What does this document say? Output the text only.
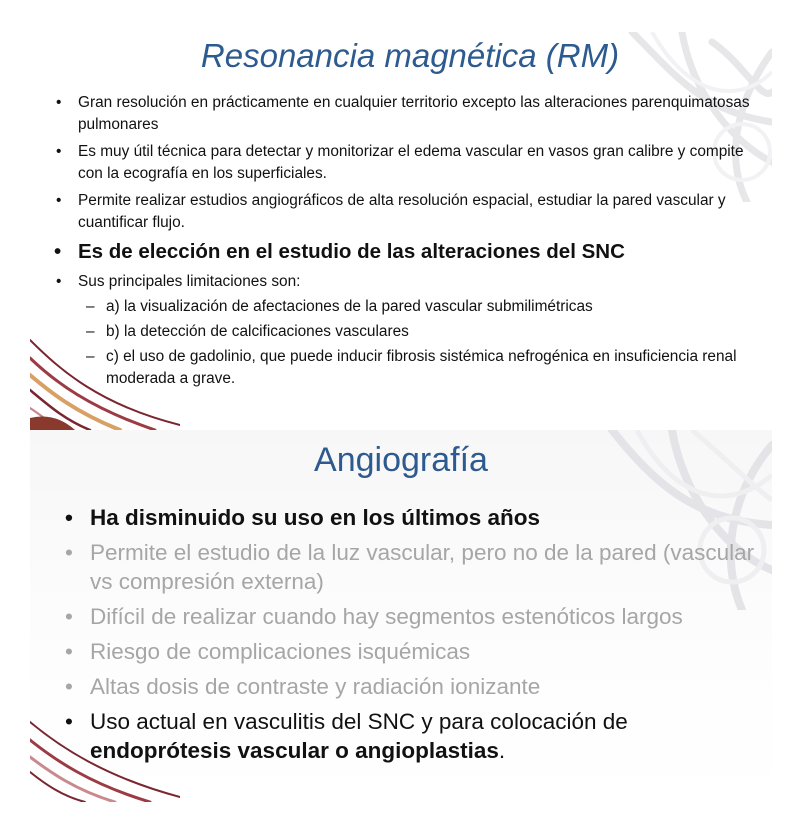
Resonancia magnética (RM)
• Gran resolución en prácticamente en cualquier territorio excepto las alteraciones parenquimatosas pulmonares
• Es muy útil técnica para detectar y monitorizar el edema vascular en vasos gran calibre y compite con la ecografía en los superficiales.
• Permite realizar estudios angiográficos de alta resolución espacial, estudiar la pared vascular y cuantificar flujo.
• Es de elección en el estudio de las alteraciones del SNC
• Sus principales limitaciones son:
– a) la visualización de afectaciones de la pared vascular submilimétricas
– b) la detección de calcificaciones vasculares
– c) el uso de gadolinio, que puede inducir fibrosis sistémica nefrogénica en insuficiencia renal moderada a grave.
Angiografía
• Ha disminuido su uso en los últimos años
• Permite el estudio de la luz vascular, pero no de la pared (vascular vs compresión externa)
• Difícil de realizar cuando hay segmentos estenóticos largos
• Riesgo de complicaciones isquémicas
• Altas dosis de contraste y radiación ionizante
• Uso actual en vasculitis del SNC y para colocación de endoprótesis vascular o angioplastias.
